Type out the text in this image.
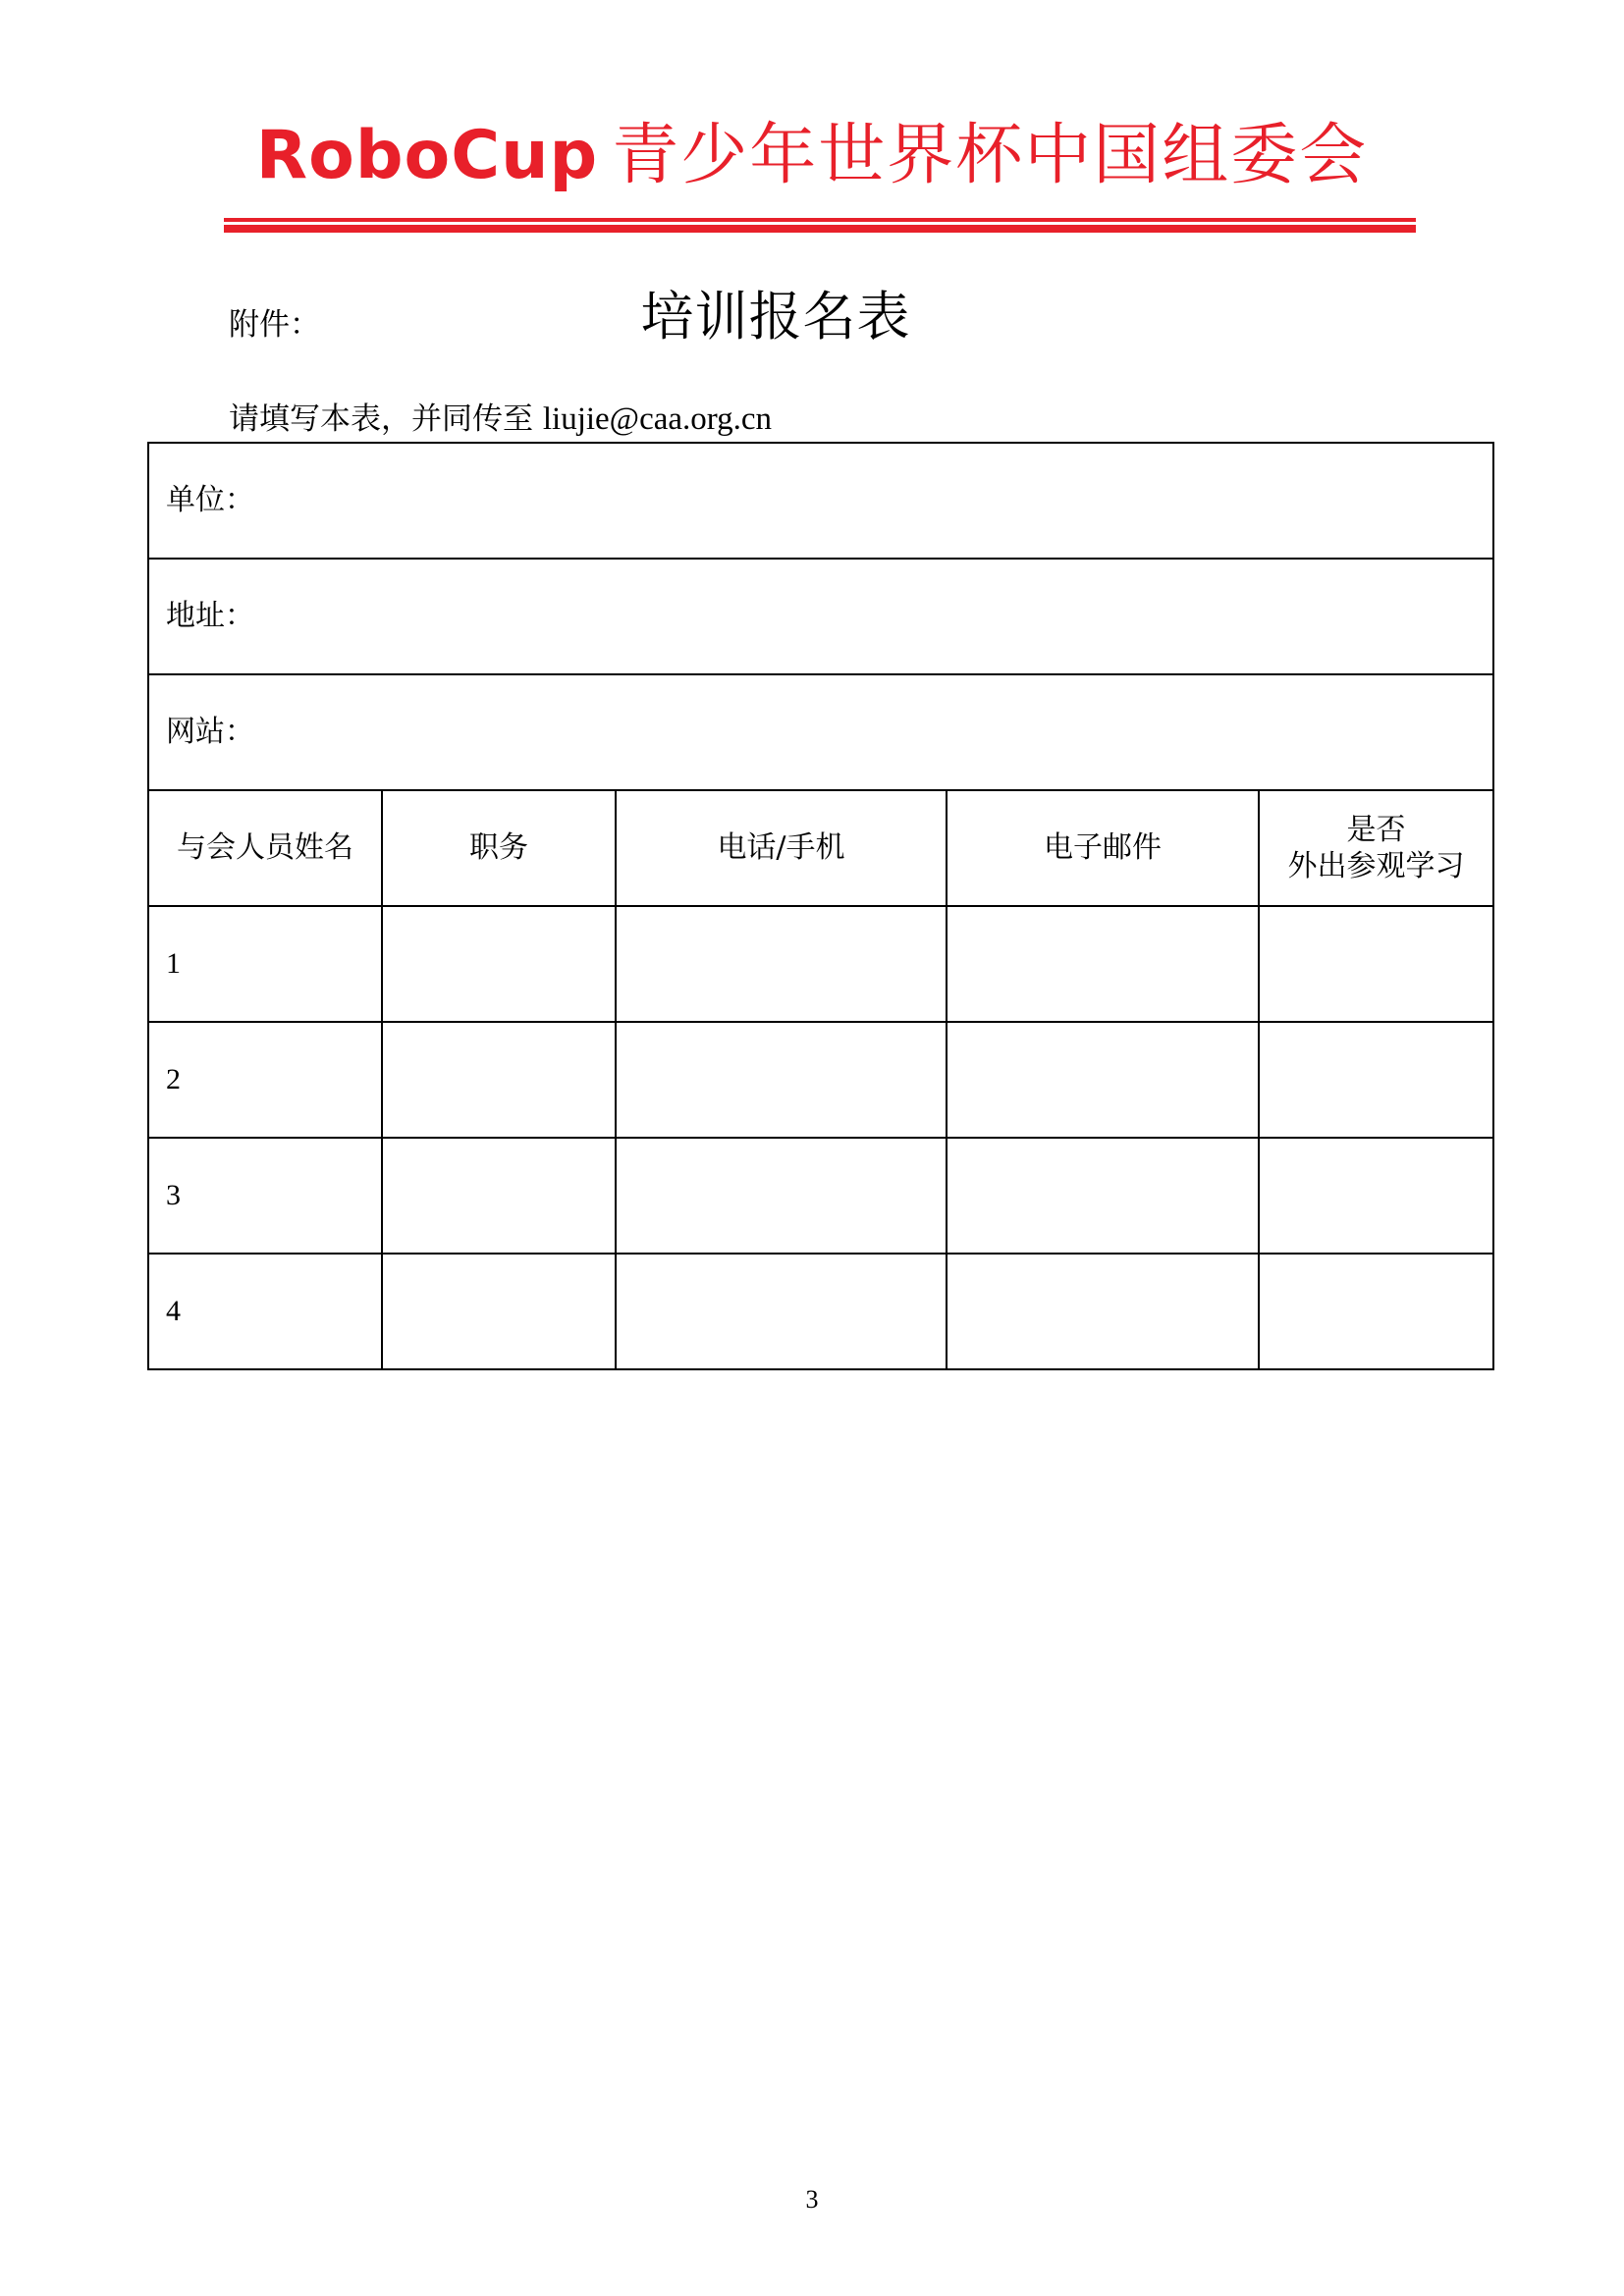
RoboCup 青少年世界杯中国组委会
附件：	培训报名表
请填写本表，并同传至 liujie@caa.org.cn
单位：				
地址：				
网站：				
与会人员姓名	职务	电话/手机	电子邮件	是否
外出参观学习

1				
2				
3				
4				
3
